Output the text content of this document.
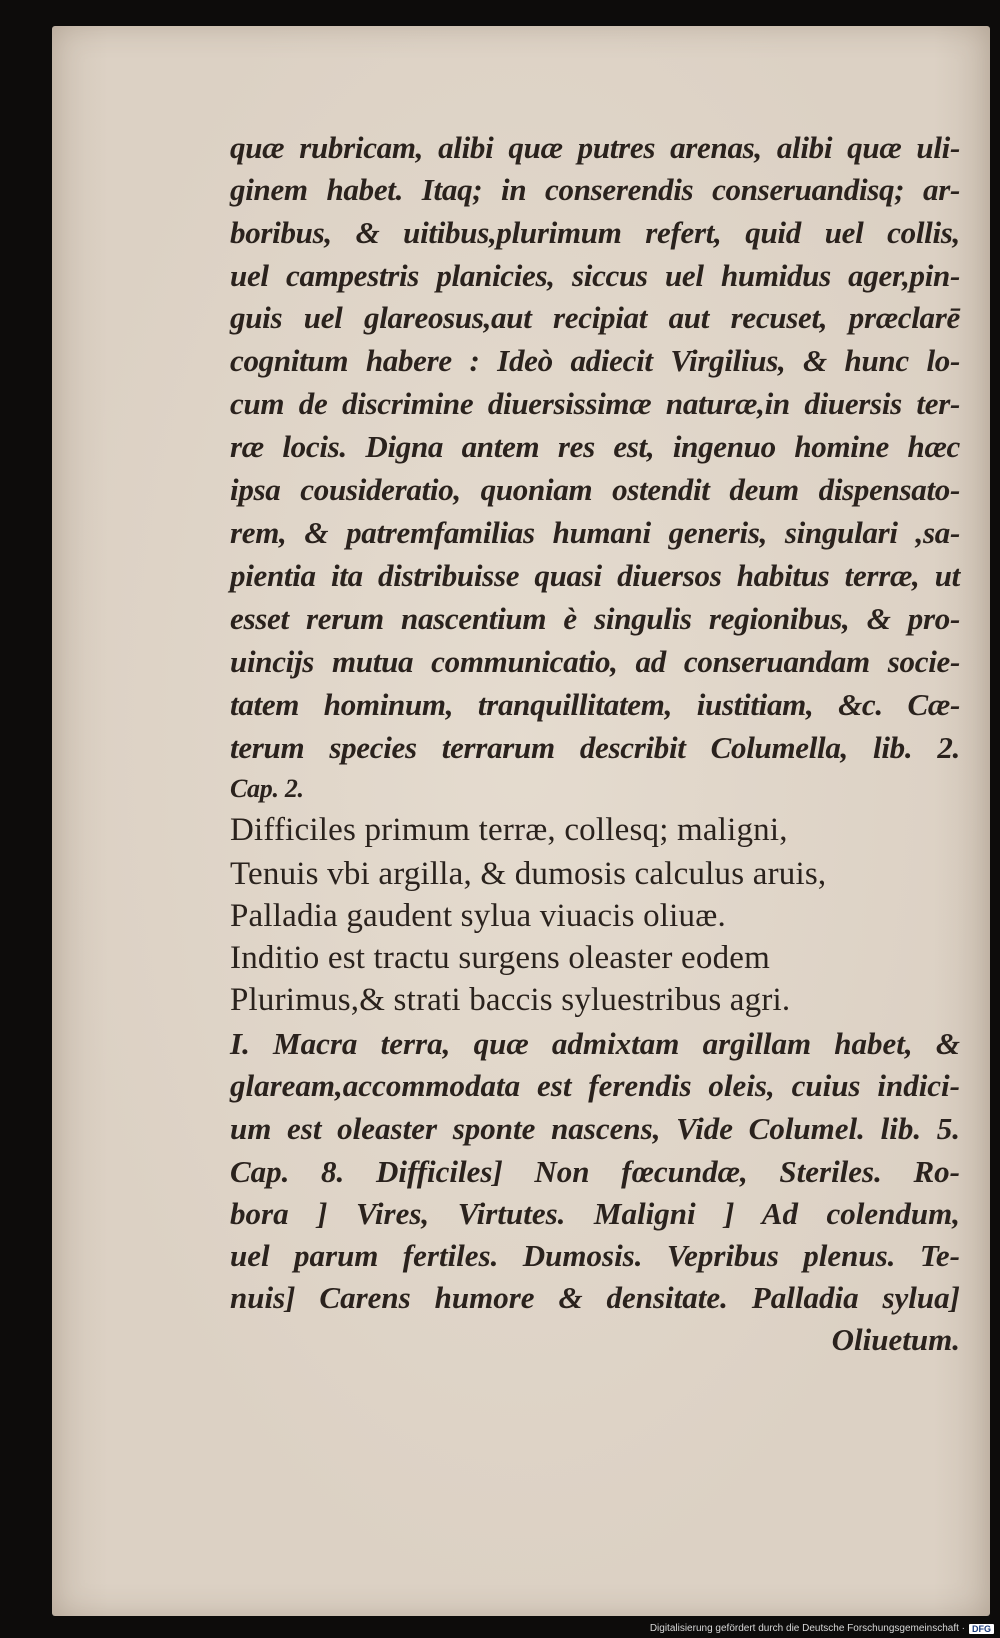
quæ rubricam, alibi quæ putres arenas, alibi quæ uli-
ginem habet. Itaq; in conserendis conseruandisq; ar-
boribus, & uitibus,plurimum refert, quid uel collis,
uel campestris planicies, siccus uel humidus ager,pin-
guis uel glareosus,aut recipiat aut recuset, præclarē
cognitum habere : Ideò adiecit Virgilius, & hunc lo-
cum de discrimine diuersissimæ naturæ,in diuersis ter-
ræ locis. Digna antem res est, ingenuo homine hæc
ipsa cousideratio, quoniam ostendit deum dispensato-
rem, & patremfamilias humani generis, singulari ,sa-
pientia ita distribuisse quasi diuersos habitus terræ, ut
esset rerum nascentium è singulis regionibus, & pro-
uincijs mutua communicatio, ad conseruandam socie-
tatem hominum, tranquillitatem, iustitiam, &c. Cæ-
terum species terrarum describit Columella, lib. 2.
Cap. 2.
Difficiles primum terræ, collesq; maligni,
Tenuis vbi argilla, & dumosis calculus aruis,
Palladia gaudent sylua viuacis oliuæ.
Inditio est tractu surgens oleaster eodem
Plurimus,& strati baccis syluestribus agri.
I. Macra terra, quæ admixtam argillam habet, &
glaream,accommodata est ferendis oleis, cuius indici-
um est oleaster sponte nascens, Vide Columel. lib. 5.
Cap. 8. Difficiles] Non fœcundæ, Steriles. Ro-
bora ] Vires, Virtutes. Maligni ] Ad colendum,
uel parum fertiles. Dumosis. Vepribus plenus. Te-
nuis] Carens humore & densitate. Palladia sylua]
Oliuetum.
Digitalisierung gefördert durch die Deutsche Forschungsgemeinschaft · DFG
